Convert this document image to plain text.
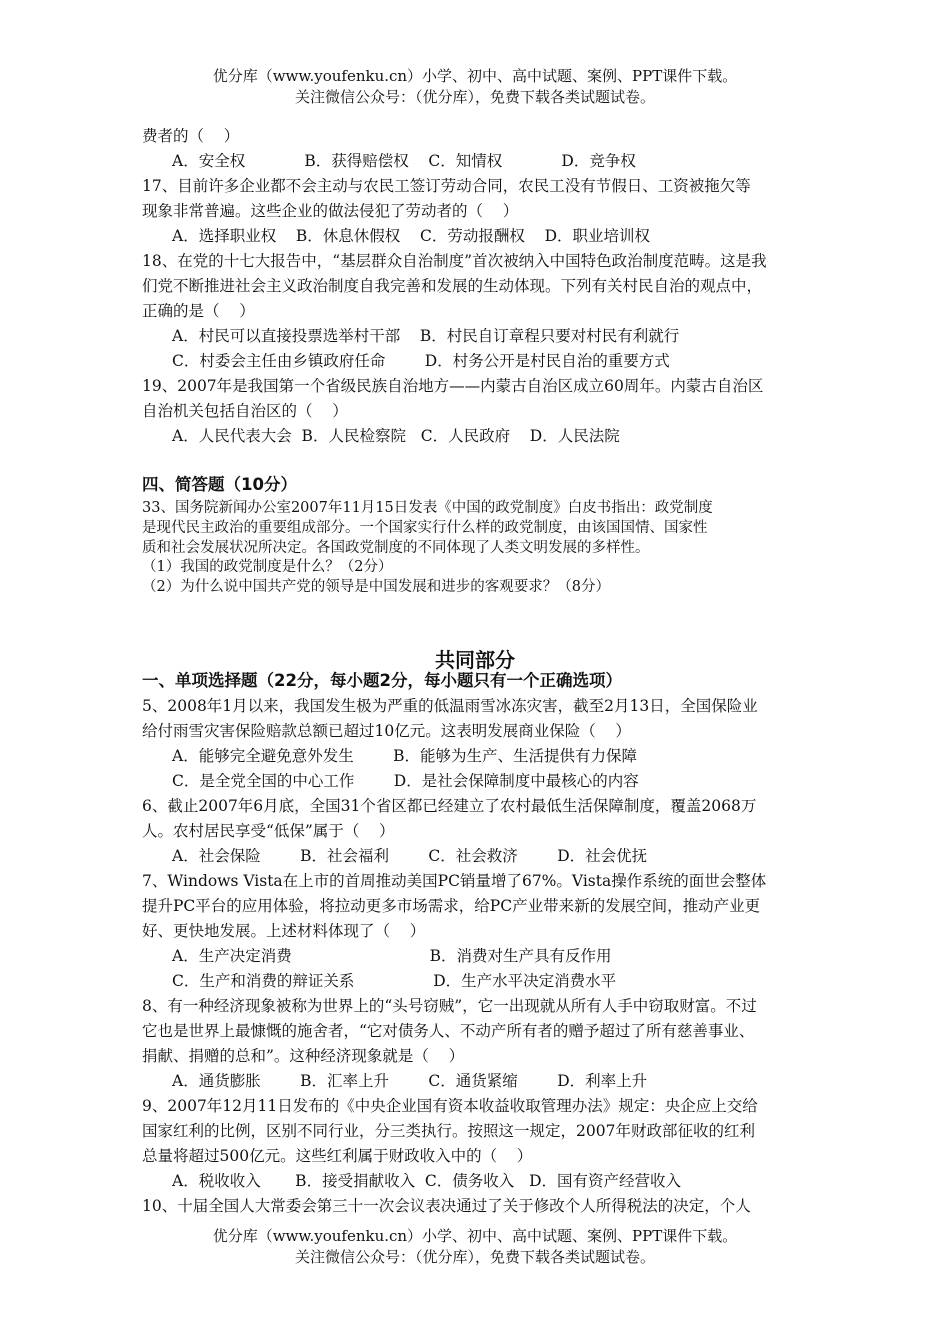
优分库（www.youfenku.cn）小学、初中、高中试题、案例、PPT课件下载。
关注微信公众号：（优分库），免费下载各类试题试卷。
费者的（    ）
A．安全权            B．获得赔偿权    C．知情权            D．竞争权
17、目前许多企业都不会主动与农民工签订劳动合同，农民工没有节假日、工资被拖欠等
现象非常普遍。这些企业的做法侵犯了劳动者的（    ）
A．选择职业权    B．休息休假权    C．劳动报酬权    D．职业培训权
18、在党的十七大报告中，“基层群众自治制度”首次被纳入中国特色政治制度范畴。这是我
们党不断推进社会主义政治制度自我完善和发展的生动体现。下列有关村民自治的观点中，
正确的是（    ）
A．村民可以直接投票选举村干部    B．村民自订章程只要对村民有利就行
C．村委会主任由乡镇政府任命        D．村务公开是村民自治的重要方式
19、2007年是我国第一个省级民族自治地方——内蒙古自治区成立60周年。内蒙古自治区
自治机关包括自治区的（    ）
A．人民代表大会  B．人民检察院   C．人民政府    D．人民法院
四、简答题（10分）
33、国务院新闻办公室2007年11月15日发表《中国的政党制度》白皮书指出：政党制度
是现代民主政治的重要组成部分。一个国家实行什么样的政党制度，由该国国情、国家性
质和社会发展状况所决定。各国政党制度的不同体现了人类文明发展的多样性。
（1）我国的政党制度是什么？（2分）
（2）为什么说中国共产党的领导是中国发展和进步的客观要求？（8分）
共同部分
一、单项选择题（22分，每小题2分，每小题只有一个正确选项）
5、2008年1月以来，我国发生极为严重的低温雨雪冰冻灾害，截至2月13日，全国保险业
给付雨雪灾害保险赔款总额已超过10亿元。这表明发展商业保险（    ）
A．能够完全避免意外发生        B．能够为生产、生活提供有力保障
C．是全党全国的中心工作        D．是社会保障制度中最核心的内容
6、截止2007年6月底，全国31个省区都已经建立了农村最低生活保障制度，覆盖2068万
人。农村居民享受“低保”属于（    ）
A．社会保险        B．社会福利        C．社会救济        D．社会优抚
7、Windows Vista在上市的首周推动美国PC销量增了67%。Vista操作系统的面世会整体
提升PC平台的应用体验，将拉动更多市场需求，给PC产业带来新的发展空间，推动产业更
好、更快地发展。上述材料体现了（    ）
A．生产决定消费                            B．消费对生产具有反作用
C．生产和消费的辩证关系                D．生产水平决定消费水平
8、有一种经济现象被称为世界上的“头号窃贼”，它一出现就从所有人手中窃取财富。不过
它也是世界上最慷慨的施舍者，“它对债务人、不动产所有者的赠予超过了所有慈善事业、
捐献、捐赠的总和”。这种经济现象就是（    ）
A．通货膨胀        B．汇率上升        C．通货紧缩        D．利率上升
9、2007年12月11日发布的《中央企业国有资本收益收取管理办法》规定：央企应上交给
国家红利的比例，区别不同行业，分三类执行。按照这一规定，2007年财政部征收的红利
总量将超过500亿元。这些红利属于财政收入中的（    ）
A．税收收入       B．接受捐献收入  C．债务收入   D．国有资产经营收入
10、十届全国人大常委会第三十一次会议表决通过了关于修改个人所得税法的决定，个人
优分库（www.youfenku.cn）小学、初中、高中试题、案例、PPT课件下载。
关注微信公众号：（优分库），免费下载各类试题试卷。
